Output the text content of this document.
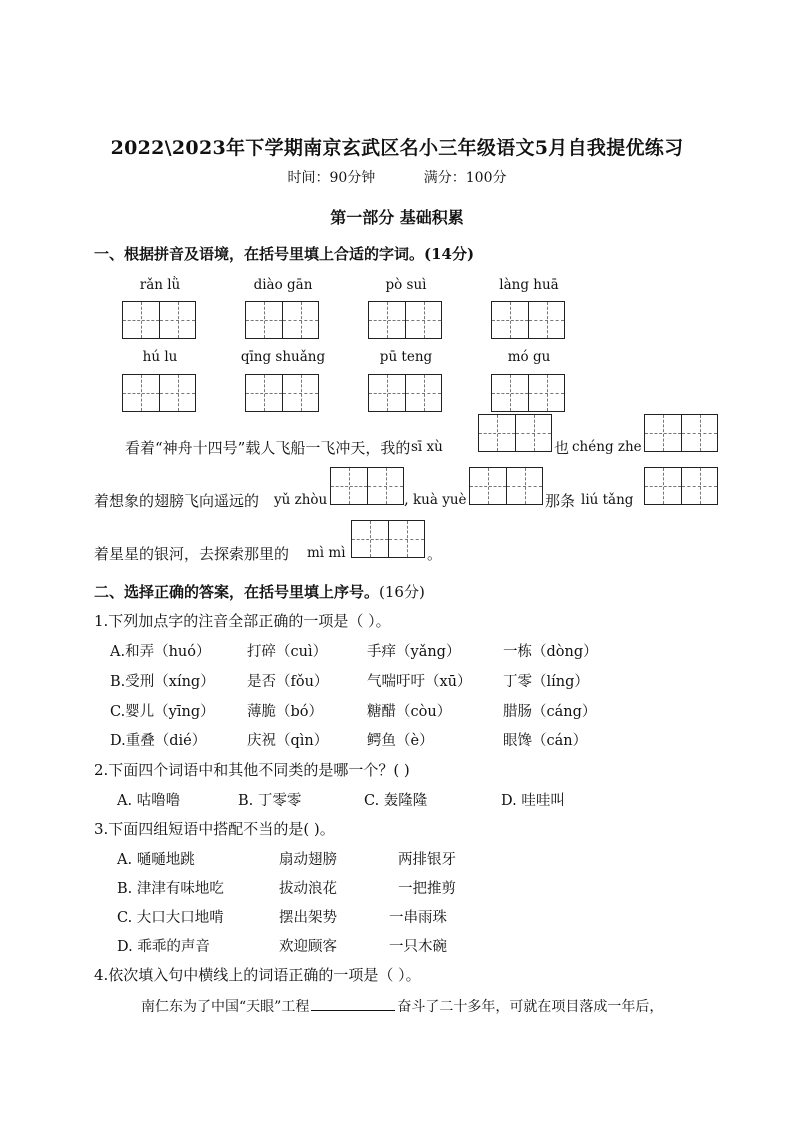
2022\2023年下学期南京玄武区名小三年级语文5月自我提优练习
时间：90分钟	满分：100分
第一部分 基础积累
一、根据拼音及语境，在括号里填上合适的字词。(14分)
rǎn lǜ	diào gān	pò suì	làng huā
hú lu	qīng shuǎng	pū teng	mó gu
看着“神舟十四号”载人飞船一飞冲天，我的 sī xù	也 chéng zhe
着想象的翅膀飞向遥远的 yǔ zhòu	, kuà yuè	那条 liú tǎng
着星星的银河，去探索那里的 mì mì	。
二、选择正确的答案，在括号里填上序号。(16分)
1.下列加点字的注音全部正确的一项是（ ）。
A.和弄（huó）	打碎（cuì）	手痒（yǎng）	一栋（dòng）
B.受刑（xíng） 是否（fǒu）	气喘吁吁（xū） 丁零（líng）
C.婴儿（yīng） 薄脆（bó）	糖醋（còu）	腊肠（cáng）
D.重叠（dié）	庆祝（qìn）	鳄鱼（è）	眼馋（cán）
2.下面四个词语中和其他不同类的是哪一个？( )
A. 咕噜噜	B. 丁零零	C. 轰隆隆	D. 哇哇叫
3.下面四组短语中搭配不当的是( )。
A. 嗵嗵地跳	扇动翅膀	两排银牙
B. 津津有味地吃	拔动浪花	一把推剪
C. 大口大口地啃	摆出架势	一串雨珠
D. 乖乖的声音	欢迎顾客	一只木碗
4.依次填入句中横线上的词语正确的一项是（ ）。
南仁东为了中国“天眼”工程	奋斗了二十多年，可就在项目落成一年后，
